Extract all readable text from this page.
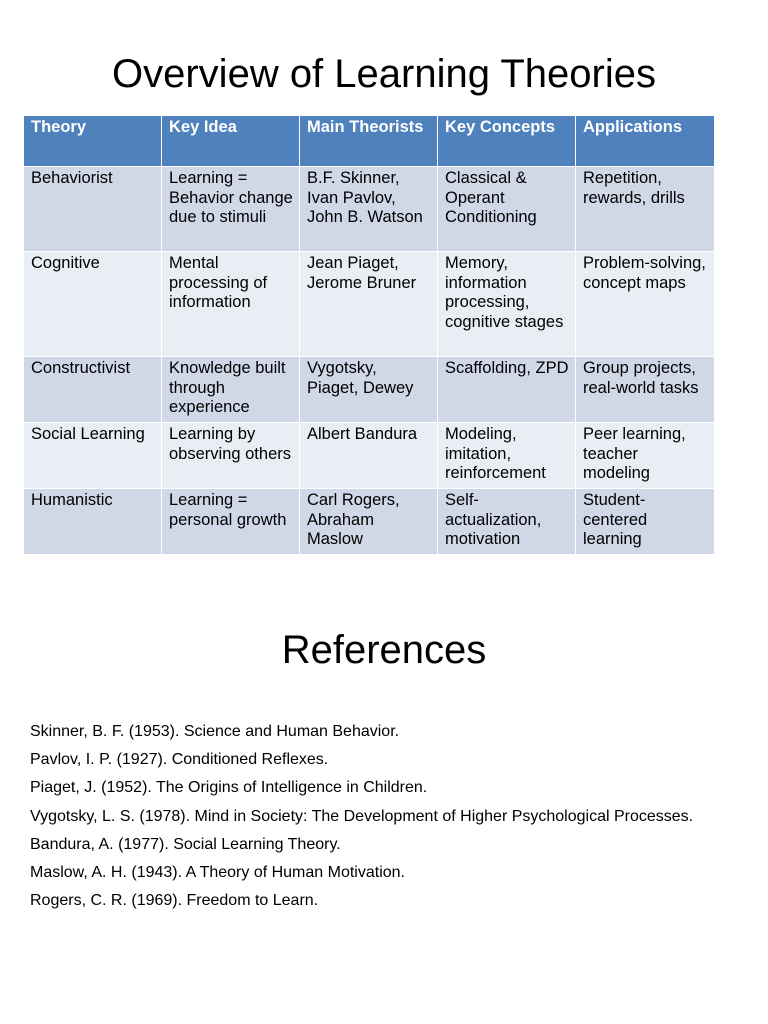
Overview of Learning Theories
Theory	Key Idea	Main Theorists	Key Concepts	Applications
Behaviorist	Learning = Behavior change due to stimuli	B.F. Skinner, Ivan Pavlov, John B. Watson	Classical & Operant Conditioning	Repetition, rewards, drills
Cognitive	Mental processing of information	Jean Piaget, Jerome Bruner	Memory, information processing, cognitive stages	Problem-solving, concept maps
Constructivist	Knowledge built through experience	Vygotsky, Piaget, Dewey	Scaffolding, ZPD	Group projects, real-world tasks
Social Learning	Learning by observing others	Albert Bandura	Modeling, imitation, reinforcement	Peer learning, teacher modeling
Humanistic	Learning = personal growth	Carl Rogers, Abraham Maslow	Self-actualization, motivation	Student-centered learning
References
Skinner, B. F. (1953). Science and Human Behavior.
Pavlov, I. P. (1927). Conditioned Reflexes.
Piaget, J. (1952). The Origins of Intelligence in Children.
Vygotsky, L. S. (1978). Mind in Society: The Development of Higher Psychological Processes.
Bandura, A. (1977). Social Learning Theory.
Maslow, A. H. (1943). A Theory of Human Motivation.
Rogers, C. R. (1969). Freedom to Learn.
